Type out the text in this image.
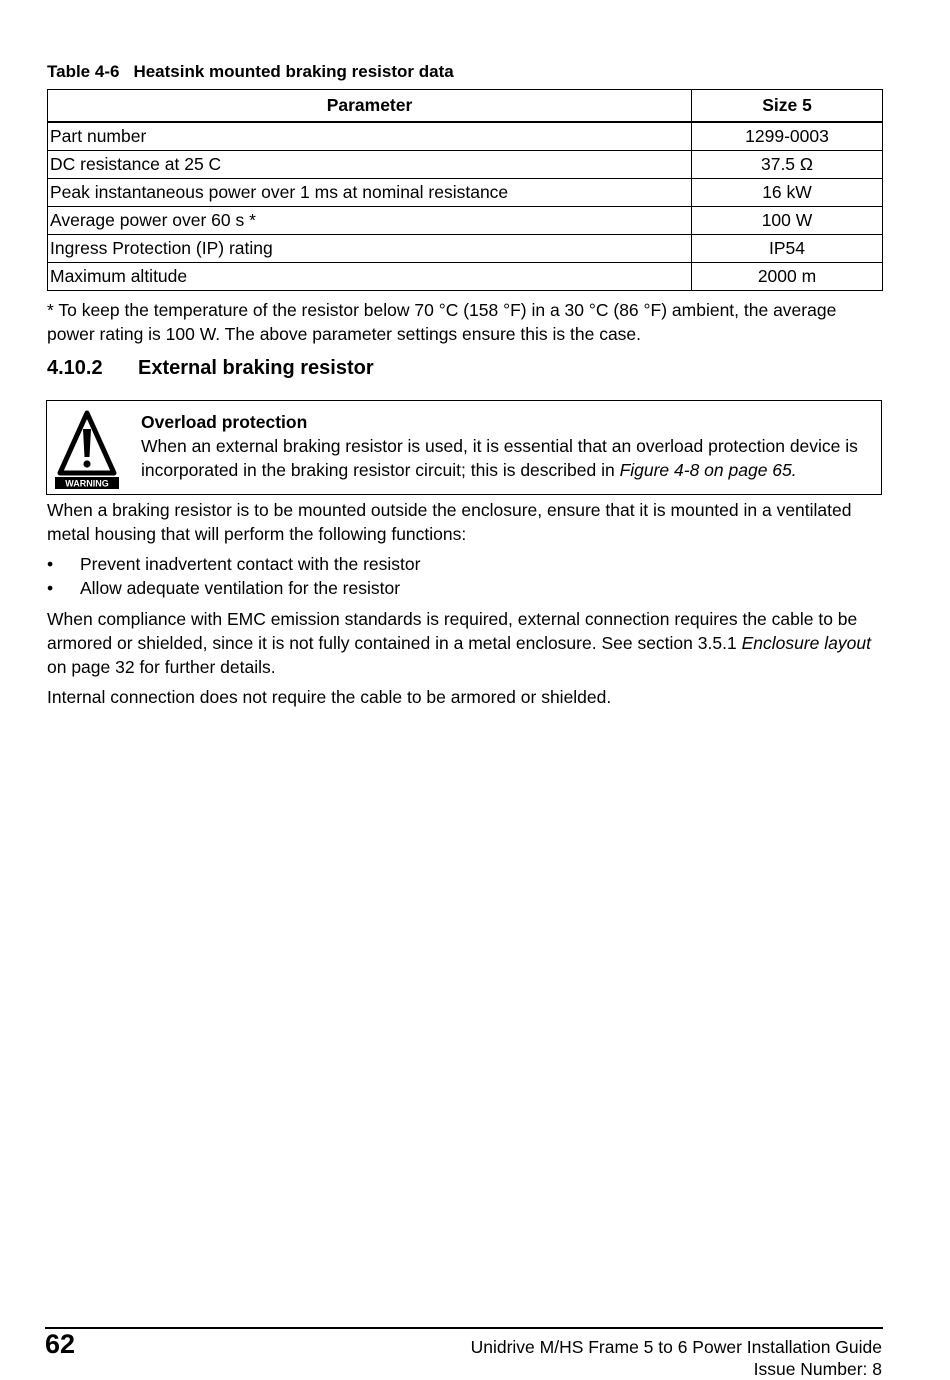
Table 4-6 Heatsink mounted braking resistor data
Parameter	Size 5
Part number	1299-0003
DC resistance at 25 C	37.5 Ω
Peak instantaneous power over 1 ms at nominal resistance	16 kW
Average power over 60 s *	100 W
Ingress Protection (IP) rating	IP54
Maximum altitude	2000 m
* To keep the temperature of the resistor below 70 °C (158 °F) in a 30 °C (86 °F) ambient, the average power rating is 100 W. The above parameter settings ensure this is the case.
4.10.2 External braking resistor
WARNING
Overload protection
When an external braking resistor is used, it is essential that an overload protection device is incorporated in the braking resistor circuit; this is described in Figure 4-8 on page 65.
When a braking resistor is to be mounted outside the enclosure, ensure that it is mounted in a ventilated metal housing that will perform the following functions:
• Prevent inadvertent contact with the resistor
• Allow adequate ventilation for the resistor
When compliance with EMC emission standards is required, external connection requires the cable to be armored or shielded, since it is not fully contained in a metal enclosure. See section 3.5.1 Enclosure layout on page 32 for further details.
Internal connection does not require the cable to be armored or shielded.
62	Unidrive M/HS Frame 5 to 6 Power Installation Guide
Issue Number: 8
